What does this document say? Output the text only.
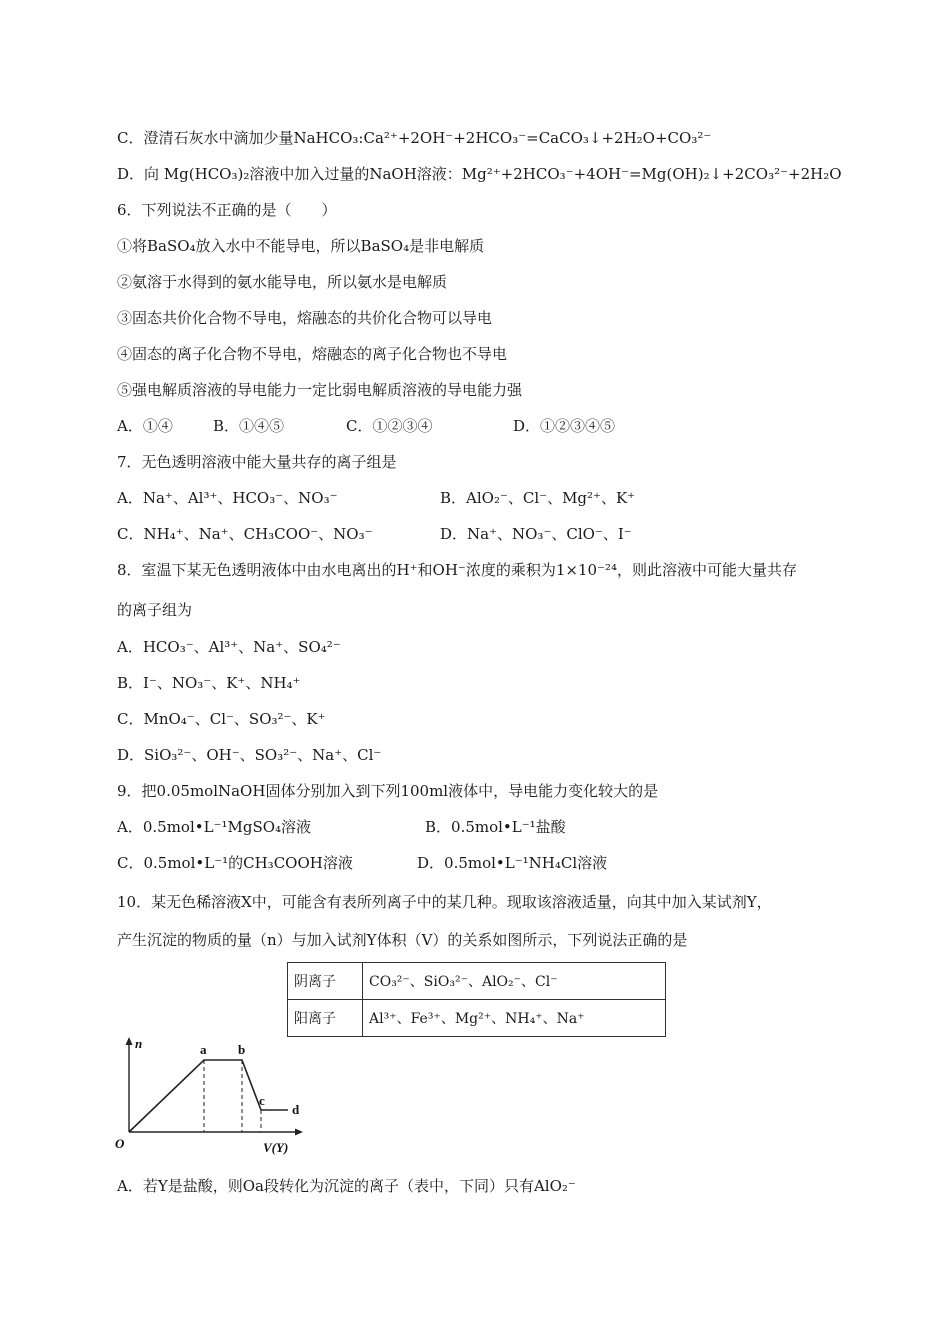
C．澄清石灰水中滴加少量NaHCO₃:Ca²⁺+2OH⁻+2HCO₃⁻=CaCO₃↓+2H₂O+CO₃²⁻
D．向 Mg(HCO₃)₂溶液中加入过量的NaOH溶液：Mg²⁺+2HCO₃⁻+4OH⁻=Mg(OH)₂↓+2CO₃²⁻+2H₂O
6．下列说法不正确的是（　　）
①将BaSO₄放入水中不能导电，所以BaSO₄是非电解质
②氨溶于水得到的氨水能导电，所以氨水是电解质
③固态共价化合物不导电，熔融态的共价化合物可以导电
④固态的离子化合物不导电，熔融态的离子化合物也不导电
⑤强电解质溶液的导电能力一定比弱电解质溶液的导电能力强
A．①④	B．①④⑤	C．①②③④	D．①②③④⑤
7．无色透明溶液中能大量共存的离子组是
A．Na⁺、Al³⁺、HCO₃⁻、NO₃⁻	B．AlO₂⁻、Cl⁻、Mg²⁺、K⁺
C．NH₄⁺、Na⁺、CH₃COO⁻、NO₃⁻	D．Na⁺、NO₃⁻、ClO⁻、I⁻
8．室温下某无色透明液体中由水电离出的H⁺和OH⁻浓度的乘积为1×10⁻²⁴，则此溶液中可能大量共存
的离子组为
A．HCO₃⁻、Al³⁺、Na⁺、SO₄²⁻
B．I⁻、NO₃⁻、K⁺、NH₄⁺
C．MnO₄⁻、Cl⁻、SO₃²⁻、K⁺
D．SiO₃²⁻、OH⁻、SO₃²⁻、Na⁺、Cl⁻
9．把0.05molNaOH固体分别加入到下列100ml液体中，导电能力变化较大的是
A．0.5mol•L⁻¹MgSO₄溶液	B．0.5mol•L⁻¹盐酸
C．0.5mol•L⁻¹的CH₃COOH溶液	D．0.5mol•L⁻¹NH₄Cl溶液
10．某无色稀溶液X中，可能含有表所列离子中的某几种。现取该溶液适量，向其中加入某试剂Y，
产生沉淀的物质的量（n）与加入试剂Y体积（V）的关系如图所示，下列说法正确的是
阴离子	CO₃²⁻、SiO₃²⁻、AlO₂⁻、Cl⁻
阳离子	Al³⁺、Fe³⁺、Mg²⁺、NH₄⁺、Na⁺
n
O	V(Y)
a b
c
d
A．若Y是盐酸，则Oa段转化为沉淀的离子（表中，下同）只有AlO₂⁻
